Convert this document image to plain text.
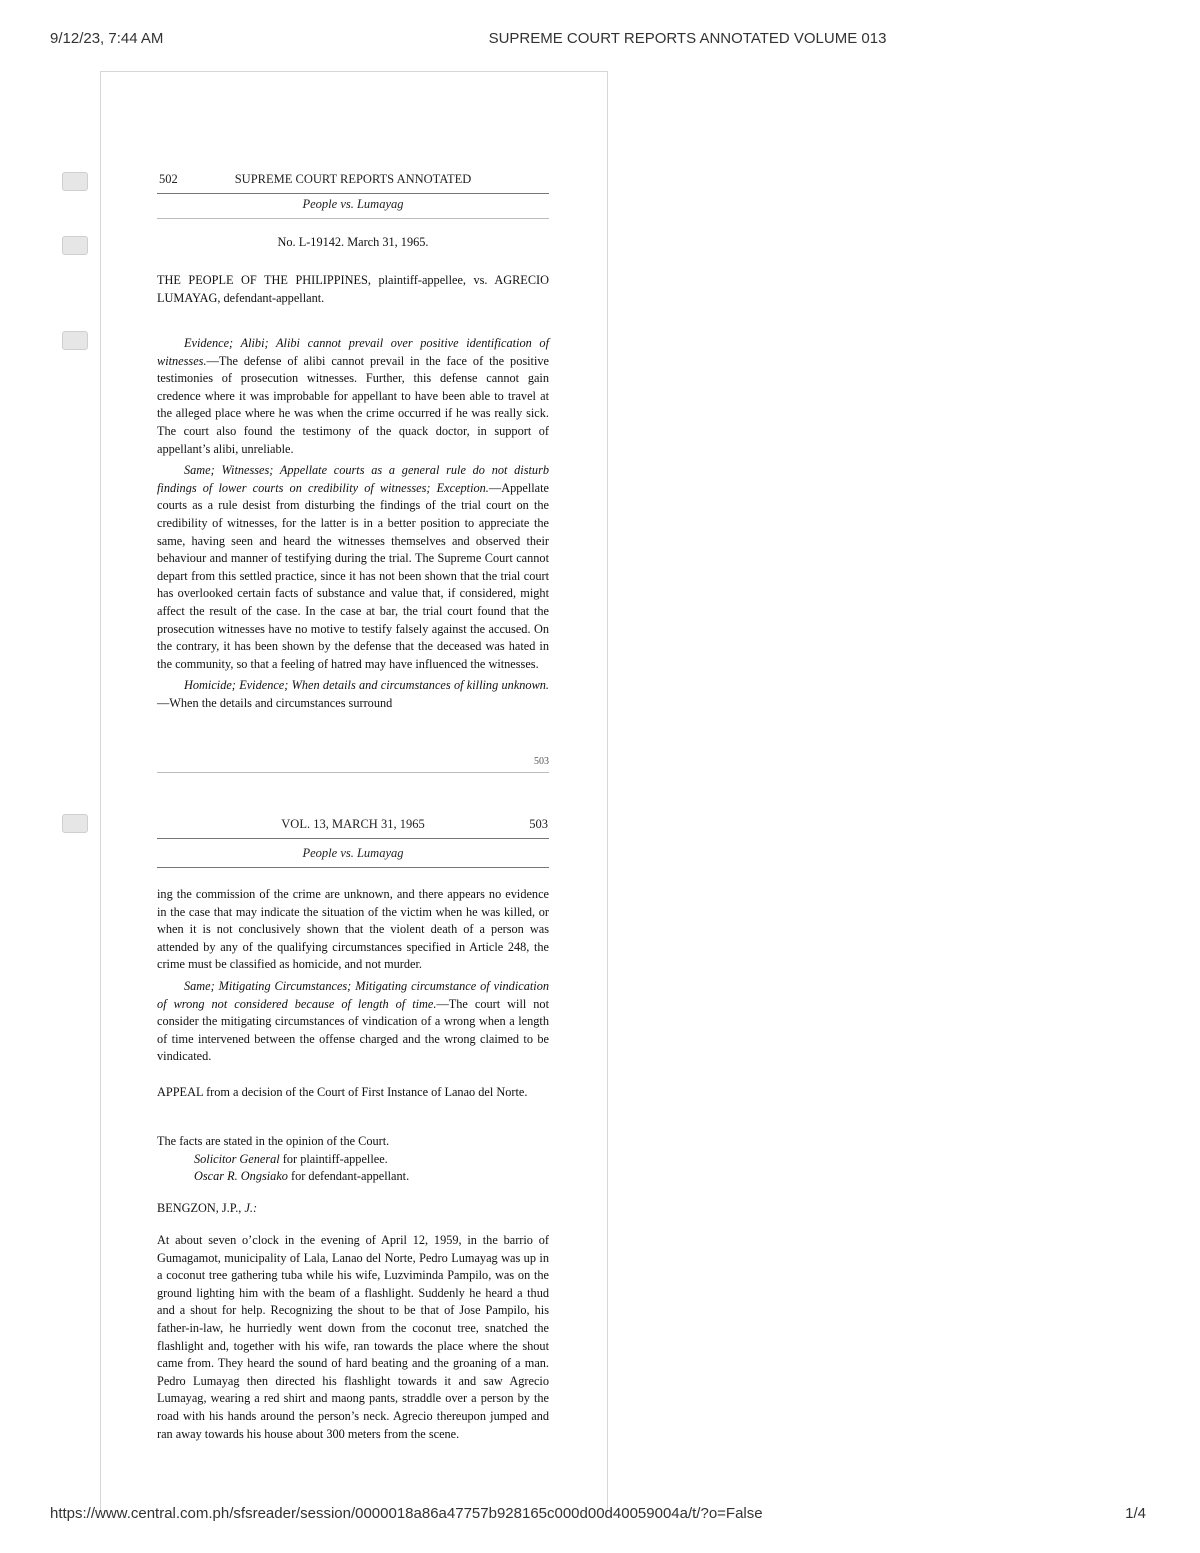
9/12/23, 7:44 AM	SUPREME COURT REPORTS ANNOTATED VOLUME 013
502	SUPREME COURT REPORTS ANNOTATED
People vs. Lumayag

No. L-19142. March 31, 1965.

THE PEOPLE OF THE PHILIPPINES, plaintiff-appellee, vs. AGRECIO LUMAYAG, defendant-appellant.

Evidence; Alibi; Alibi cannot prevail over positive identification of witnesses.—The defense of alibi cannot prevail in the face of the positive testimonies of prosecution witnesses. Further, this defense cannot gain credence where it was improbable for appellant to have been able to travel at the alleged place where he was when the crime occurred if he was really sick. The court also found the testimony of the quack doctor, in support of appellant’s alibi, unreliable.

Same; Witnesses; Appellate courts as a general rule do not disturb findings of lower courts on credibility of witnesses; Exception.—Appellate courts as a rule desist from disturbing the findings of the trial court on the credibility of witnesses, for the latter is in a better position to appreciate the same, having seen and heard the witnesses themselves and observed their behaviour and manner of testifying during the trial. The Supreme Court cannot depart from this settled practice, since it has not been shown that the trial court has overlooked certain facts of substance and value that, if considered, might affect the result of the case. In the case at bar, the trial court found that the prosecution witnesses have no motive to testify falsely against the accused. On the contrary, it has been shown by the defense that the deceased was hated in the community, so that a feeling of hatred may have influenced the witnesses.

Homicide; Evidence; When details and circumstances of killing unknown.—When the details and circumstances surround

503
VOL. 13, MARCH 31, 1965	503
People vs. Lumayag

ing the commission of the crime are unknown, and there appears no evidence in the case that may indicate the situation of the victim when he was killed, or when it is not conclusively shown that the violent death of a person was attended by any of the qualifying circumstances specified in Article 248, the crime must be classified as homicide, and not murder.

Same; Mitigating Circumstances; Mitigating circumstance of vindication of wrong not considered because of length of time.—The court will not consider the mitigating circumstances of vindication of a wrong when a length of time intervened between the offense charged and the wrong claimed to be vindicated.

APPEAL from a decision of the Court of First Instance of Lanao del Norte.

The facts are stated in the opinion of the Court.

Solicitor General for plaintiff-appellee.

Oscar R. Ongsiako for defendant-appellant.

BENGZON, J.P., J.:

At about seven o’clock in the evening of April 12, 1959, in the barrio of Gumagamot, municipality of Lala, Lanao del Norte, Pedro Lumayag was up in a coconut tree gathering tuba while his wife, Luzviminda Pampilo, was on the ground lighting him with the beam of a flashlight. Suddenly he heard a thud and a shout for help. Recognizing the shout to be that of Jose Pampilo, his father-in-law, he hurriedly went down from the coconut tree, snatched the flashlight and, together with his wife, ran towards the place where the shout came from. They heard the sound of hard beating and the groaning of a man. Pedro Lumayag then directed his flashlight towards it and saw Agrecio Lumayag, wearing a red shirt and maong pants, straddle over a person by the road with his hands around the person’s neck. Agrecio thereupon jumped and ran away towards his house about 300 meters from the scene.

https://www.central.com.ph/sfsreader/session/0000018a86a47757b928165c000d00d40059004a/t/?o=False	1/4
